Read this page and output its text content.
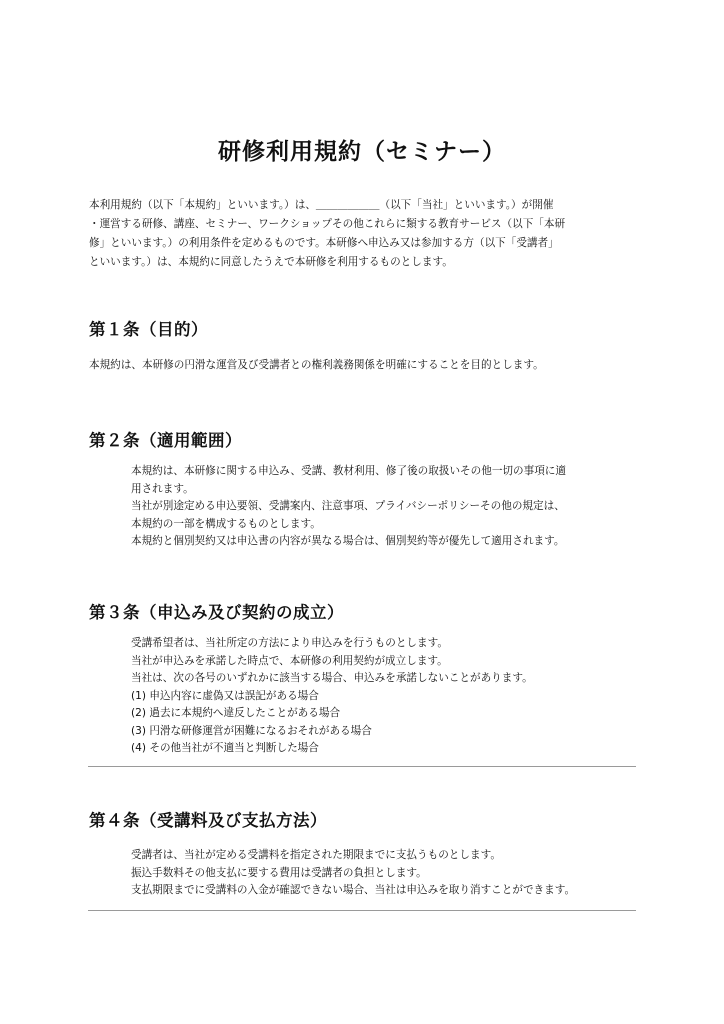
研修利用規約（セミナー）

本利用規約（以下「本規約」といいます。）は、＿＿＿＿＿＿（以下「当社」といいます。）が開催
・運営する研修、講座、セミナー、ワークショップその他これらに類する教育サービス（以下「本研
修」といいます。）の利用条件を定めるものです。本研修へ申込み又は参加する方（以下「受講者」
といいます。）は、本規約に同意したうえで本研修を利用するものとします。

第１条（目的）

本規約は、本研修の円滑な運営及び受講者との権利義務関係を明確にすることを目的とします。

第２条（適用範囲）
本規約は、本研修に関する申込み、受講、教材利用、修了後の取扱いその他一切の事項に適
用されます。
当社が別途定める申込要領、受講案内、注意事項、プライバシーポリシーその他の規定は、
本規約の一部を構成するものとします。
本規約と個別契約又は申込書の内容が異なる場合は、個別契約等が優先して適用されます。
第３条（申込み及び契約の成立）
受講希望者は、当社所定の方法により申込みを行うものとします。
当社が申込みを承諾した時点で、本研修の利用契約が成立します。
当社は、次の各号のいずれかに該当する場合、申込みを承諾しないことがあります。
(1) 申込内容に虚偽又は誤記がある場合
(2) 過去に本規約へ違反したことがある場合
(3) 円滑な研修運営が困難になるおそれがある場合
(4) その他当社が不適当と判断した場合
第４条（受講料及び支払方法）
受講者は、当社が定める受講料を指定された期限までに支払うものとします。
振込手数料その他支払に要する費用は受講者の負担とします。
支払期限までに受講料の入金が確認できない場合、当社は申込みを取り消すことができます。
